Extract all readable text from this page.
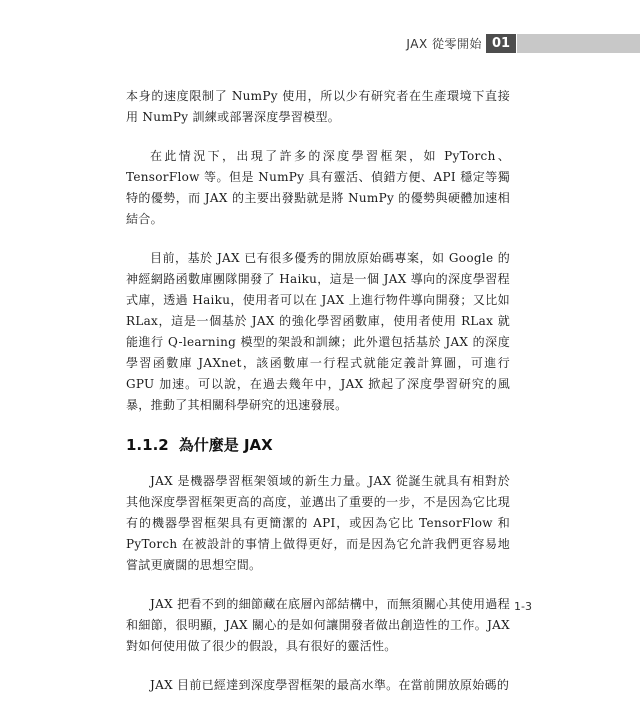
JAX 從零開始 01

本身的速度限制了 NumPy 使用，所以少有研究者在生產環境下直接用 NumPy 訓練或部署深度學習模型。

在此情況下，出現了許多的深度學習框架，如 PyTorch、TensorFlow 等。但是 NumPy 具有靈活、偵錯方便、API 穩定等獨特的優勢，而 JAX 的主要出發點就是將 NumPy 的優勢與硬體加速相結合。

目前，基於 JAX 已有很多優秀的開放原始碼專案，如 Google 的神經網路函數庫團隊開發了 Haiku，這是一個 JAX 導向的深度學習程式庫，透過 Haiku，使用者可以在 JAX 上進行物件導向開發；又比如 RLax，這是一個基於 JAX 的強化學習函數庫，使用者使用 RLax 就能進行 Q-learning 模型的架設和訓練；此外還包括基於 JAX 的深度學習函數庫 JAXnet，該函數庫一行程式就能定義計算圖，可進行 GPU 加速。可以說，在過去幾年中，JAX 掀起了深度學習研究的風暴，推動了其相關科學研究的迅速發展。

1.1.2 為什麼是 JAX

JAX 是機器學習框架領域的新生力量。JAX 從誕生就具有相對於其他深度學習框架更高的高度，並邁出了重要的一步，不是因為它比現有的機器學習框架具有更簡潔的 API，或因為它比 TensorFlow 和 PyTorch 在被設計的事情上做得更好，而是因為它允許我們更容易地嘗試更廣闊的思想空間。

JAX 把看不到的細節藏在底層內部結構中，而無須關心其使用過程和細節，很明顯，JAX 關心的是如何讓開發者做出創造性的工作。JAX 對如何使用做了很少的假設，具有很好的靈活性。

JAX 目前已經達到深度學習框架的最高水準。在當前開放原始碼的

1-3
